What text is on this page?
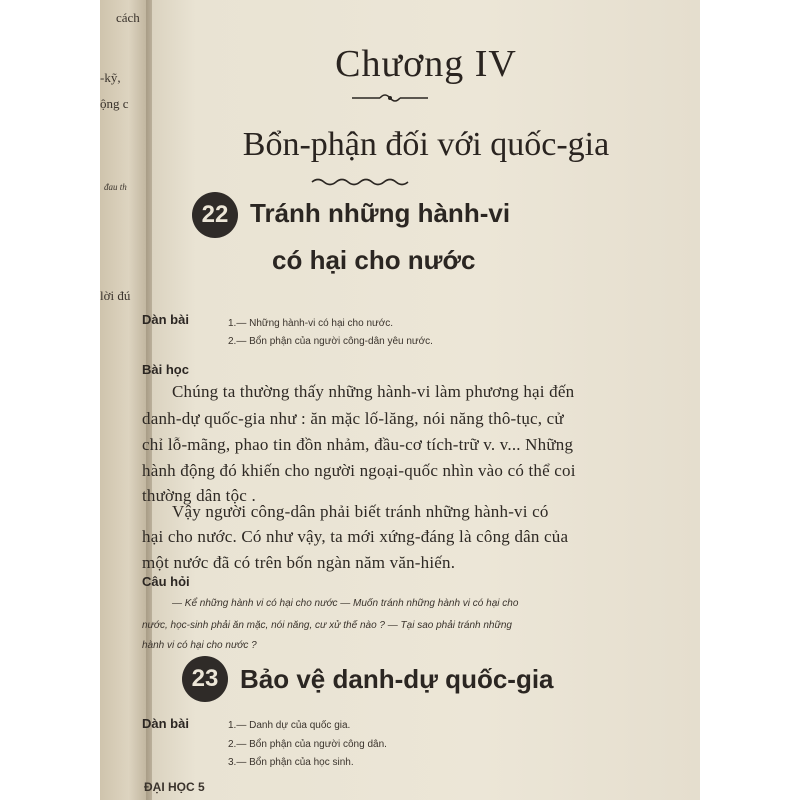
cách
-kỹ,
ộng c
đau th
lời đú
Chương IV
Bổn-phận đối với quốc-gia
22 Tránh những hành-vi
có hại cho nước
Dàn bài	1.— Những hành-vi có hại cho nước.
2.— Bổn phận của người công-dân yêu nước.
Bài học
Chúng ta thường thấy những hành-vi làm phương hại đến
danh-dự quốc-gia như : ăn mặc lố-lăng, nói năng thô-tục, cử
chỉ lỗ-mãng, phao tin đồn nhảm, đầu-cơ tích-trữ v. v... Những
hành động đó khiến cho người ngoại-quốc nhìn vào có thể coi
thường dân tộc .
Vậy người công-dân phải biết tránh những hành-vi có
hại cho nước. Có như vậy, ta mới xứng-đáng là công dân của
một nước đã có trên bốn ngàn năm văn-hiến.
Câu hỏi
— Kể những hành vi có hại cho nước — Muốn tránh những hành vi có hại cho
nước, học-sinh phải ăn mặc, nói năng, cư xử thế nào ? — Tại sao phải tránh những
hành vi có hại cho nước ?
23 Bảo vệ danh-dự quốc-gia
Dàn bài	1.— Danh dự của quốc gia.
2.— Bổn phận của người công dân.
3.— Bổn phận của học sinh.
ĐẠI HỌC 5
